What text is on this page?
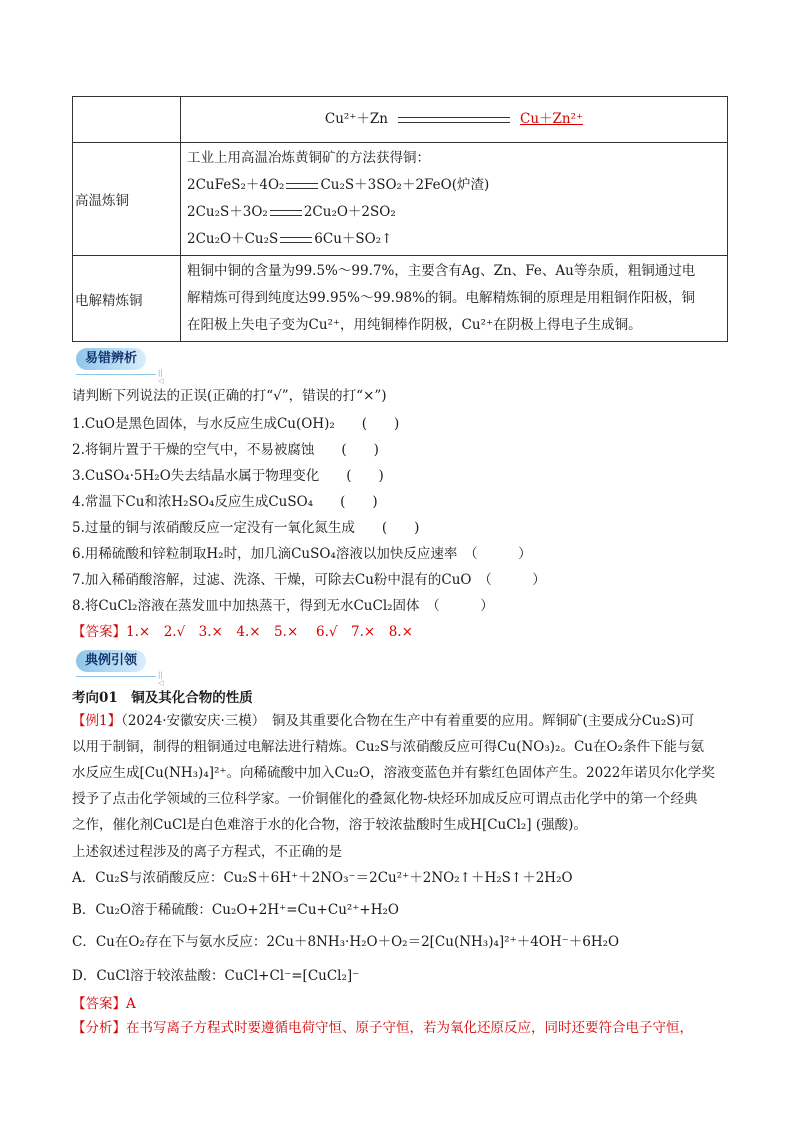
	Cu²⁺＋Zn Cu＋Zn²⁺
高温炼铜	工业上用高温冶炼黄铜矿的方法获得铜：
2CuFeS₂＋4O₂ Cu₂S＋3SO₂＋2FeO(炉渣)
2Cu₂S＋3O₂ 2Cu₂O＋2SO₂
2Cu₂O＋Cu₂S 6Cu＋SO₂↑

电解精炼铜	粗铜中铜的含量为99.5%～99.7%，主要含有Ag、Zn、Fe、Au等杂质，粗铜通过电
解精炼可得到纯度达99.95%～99.98%的铜。电解精炼铜的原理是用粗铜作阳极，铜
在阳极上失电子变为Cu²⁺，用纯铜棒作阴极，Cu²⁺在阴极上得电子生成铜。
易错辨析
||◁
请判断下列说法的正误(正确的打“√”，错误的打“×”)
1.CuO是黑色固体，与水反应生成Cu(OH)₂　　(　　)
2.将铜片置于干燥的空气中，不易被腐蚀　　(　　)
3.CuSO₄·5H₂O失去结晶水属于物理变化　　(　　)
4.常温下Cu和浓H₂SO₄反应生成CuSO₄　　(　　)
5.过量的铜与浓硝酸反应一定没有一氧化氮生成　　(　　)
6.用稀硫酸和锌粒制取H₂时，加几滴CuSO₄溶液以加快反应速率　（　　　）
7.加入稀硝酸溶解，过滤、洗涤、干燥，可除去Cu粉中混有的CuO　（　　　）
8.将CuCl₂溶液在蒸发皿中加热蒸干，得到无水CuCl₂固体　（　　　）
【答案】1.×　2.√　3.×　4.×　5.×　 6.√　7.×　8.×
典例引领
||◁
考向01　铜及其化合物的性质
【例1】（2024·安徽安庆·三模）　铜及其重要化合物在生产中有着重要的应用。辉铜矿(主要成分Cu₂S)可
以用于制铜，制得的粗铜通过电解法进行精炼。Cu₂S与浓硝酸反应可得Cu(NO₃)₂。Cu在O₂条件下能与氨
水反应生成[Cu(NH₃)₄]²⁺。向稀硫酸中加入Cu₂O，溶液变蓝色并有紫红色固体产生。2022年诺贝尔化学奖
授予了点击化学领域的三位科学家。一价铜催化的叠氮化物-炔烃环加成反应可谓点击化学中的第一个经典
之作，催化剂CuCl是白色难溶于水的化合物，溶于较浓盐酸时生成H[CuCl₂] (强酸)。
上述叙述过程涉及的离子方程式，不正确的是
A．Cu₂S与浓硝酸反应：Cu₂S＋6H⁺＋2NO₃⁻＝2Cu²⁺＋2NO₂↑＋H₂S↑＋2H₂O
B．Cu₂O溶于稀硫酸：Cu₂O+2H⁺=Cu+Cu²⁺+H₂O
C．Cu在O₂存在下与氨水反应：2Cu＋8NH₃·H₂O＋O₂＝2[Cu(NH₃)₄]²⁺＋4OH⁻＋6H₂O
D．CuCl溶于较浓盐酸：CuCl+Cl⁻=[CuCl₂]⁻
【答案】A
【分析】在书写离子方程式时要遵循电荷守恒、原子守恒，若为氧化还原反应，同时还要符合电子守恒，
